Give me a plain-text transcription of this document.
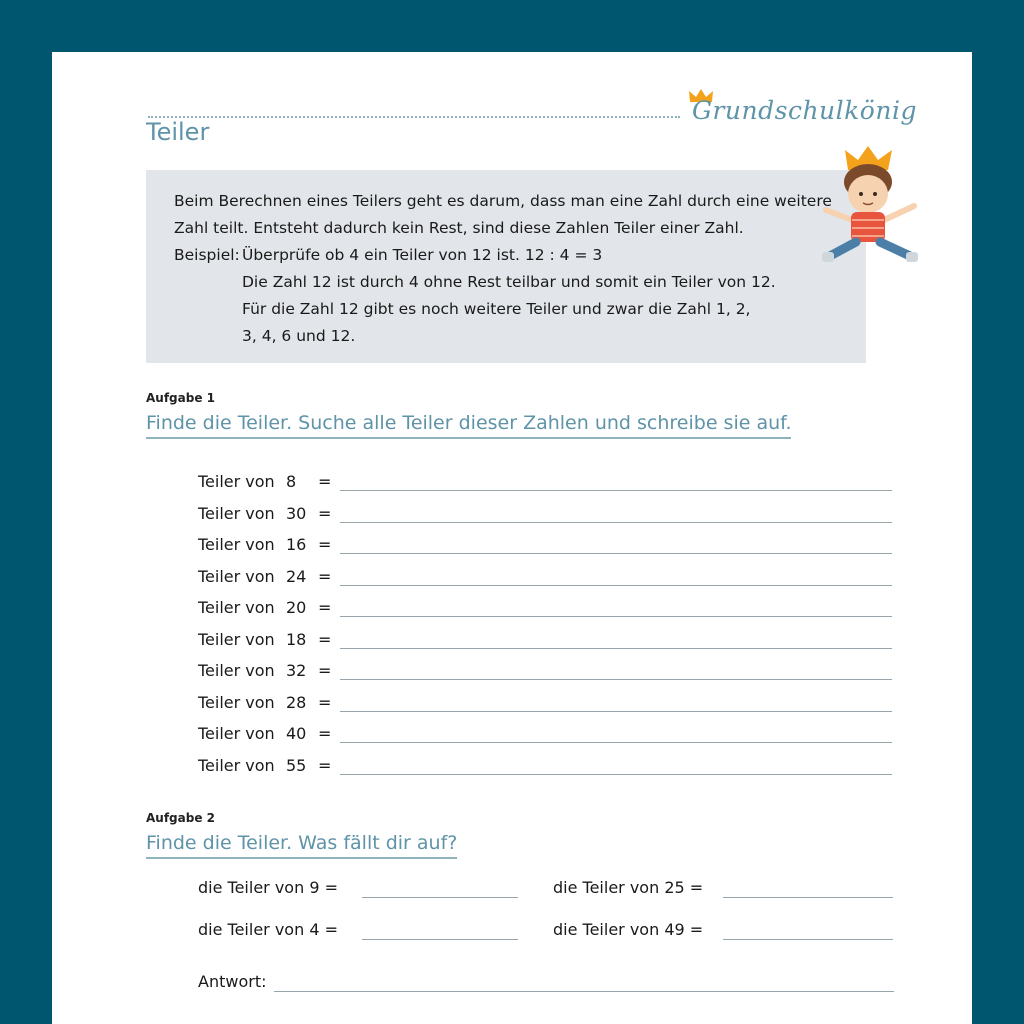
Grundschulkönig
Teiler
Beim Berechnen eines Teilers geht es darum, dass man eine Zahl durch eine weitere
Zahl teilt. Entsteht dadurch kein Rest, sind diese Zahlen Teiler einer Zahl.
Beispiel: Überprüfe ob 4 ein Teiler von 12 ist. 12 : 4 = 3
Die Zahl 12 ist durch 4 ohne Rest teilbar und somit ein Teiler von 12.
Für die Zahl 12 gibt es noch weitere Teiler und zwar die Zahl 1, 2,
3, 4, 6 und 12.
Aufgabe 1
Finde die Teiler. Suche alle Teiler dieser Zahlen und schreibe sie auf.
Teiler von 8 =
Teiler von 30 =
Teiler von 16 =
Teiler von 24 =
Teiler von 20 =
Teiler von 18 =
Teiler von 32 =
Teiler von 28 =
Teiler von 40 =
Teiler von 55 =
Aufgabe 2
Finde die Teiler. Was fällt dir auf?
die Teiler von 9 =	die Teiler von 25 =
die Teiler von 4 =	die Teiler von 49 =
Antwort:
